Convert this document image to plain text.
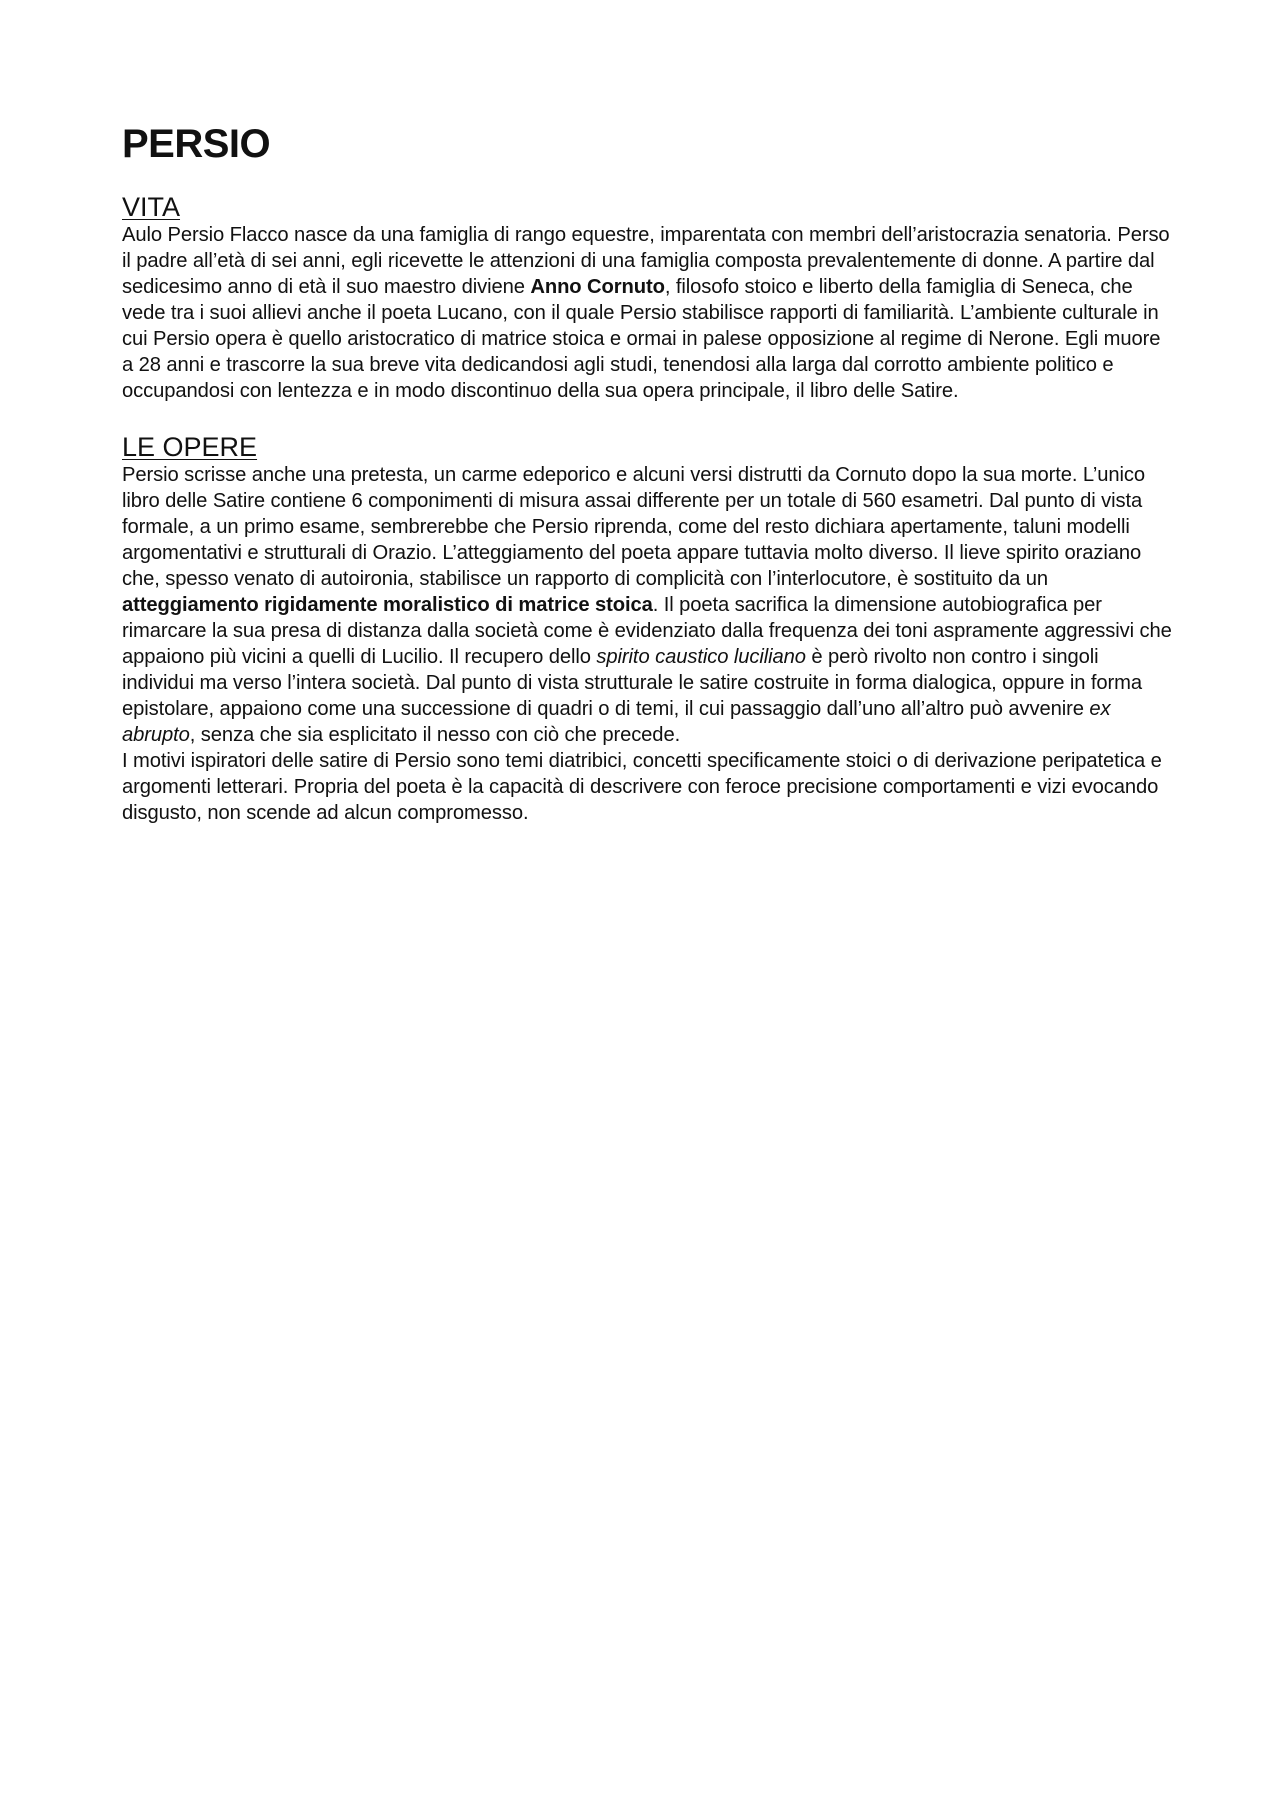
PERSIO
VITA

Aulo Persio Flacco nasce da una famiglia di rango equestre, imparentata con membri dell’aristocrazia senatoria. Perso il padre all’età di sei anni, egli ricevette le attenzioni di una famiglia composta prevalentemente di donne. A partire dal sedicesimo anno di età il suo maestro diviene Anno Cornuto, filosofo stoico e liberto della famiglia di Seneca, che vede tra i suoi allievi anche il poeta Lucano, con il quale Persio stabilisce rapporti di familiarità. L’ambiente culturale in cui Persio opera è quello aristocratico di matrice stoica e ormai in palese opposizione al regime di Nerone. Egli muore a 28 anni e trascorre la sua breve vita dedicandosi agli studi, tenendosi alla larga dal corrotto ambiente politico e occupandosi con lentezza e in modo discontinuo della sua opera principale, il libro delle Satire.

LE OPERE

Persio scrisse anche una pretesta, un carme edeporico e alcuni versi distrutti da Cornuto dopo la sua morte. L’unico libro delle Satire contiene 6 componimenti di misura assai differente per un totale di 560 esametri. Dal punto di vista formale, a un primo esame, sembrerebbe che Persio riprenda, come del resto dichiara apertamente, taluni modelli argomentativi e strutturali di Orazio. L’atteggiamento del poeta appare tuttavia molto diverso. Il lieve spirito oraziano che, spesso venato di autoironia, stabilisce un rapporto di complicità con l’interlocutore, è sostituito da un atteggiamento rigidamente moralistico di matrice stoica. Il poeta sacrifica la dimensione autobiografica per rimarcare la sua presa di distanza dalla società come è evidenziato dalla frequenza dei toni aspramente aggressivi che appaiono più vicini a quelli di Lucilio. Il recupero dello spirito caustico luciliano è però rivolto non contro i singoli individui ma verso l’intera società. Dal punto di vista strutturale le satire costruite in forma dialogica, oppure in forma epistolare, appaiono come una successione di quadri o di temi, il cui passaggio dall’uno all’altro può avvenire ex abrupto, senza che sia esplicitato il nesso con ciò che precede.

I motivi ispiratori delle satire di Persio sono temi diatribici, concetti specificamente stoici o di derivazione peripatetica e argomenti letterari. Propria del poeta è la capacità di descrivere con feroce precisione comportamenti e vizi evocando disgusto, non scende ad alcun compromesso.
